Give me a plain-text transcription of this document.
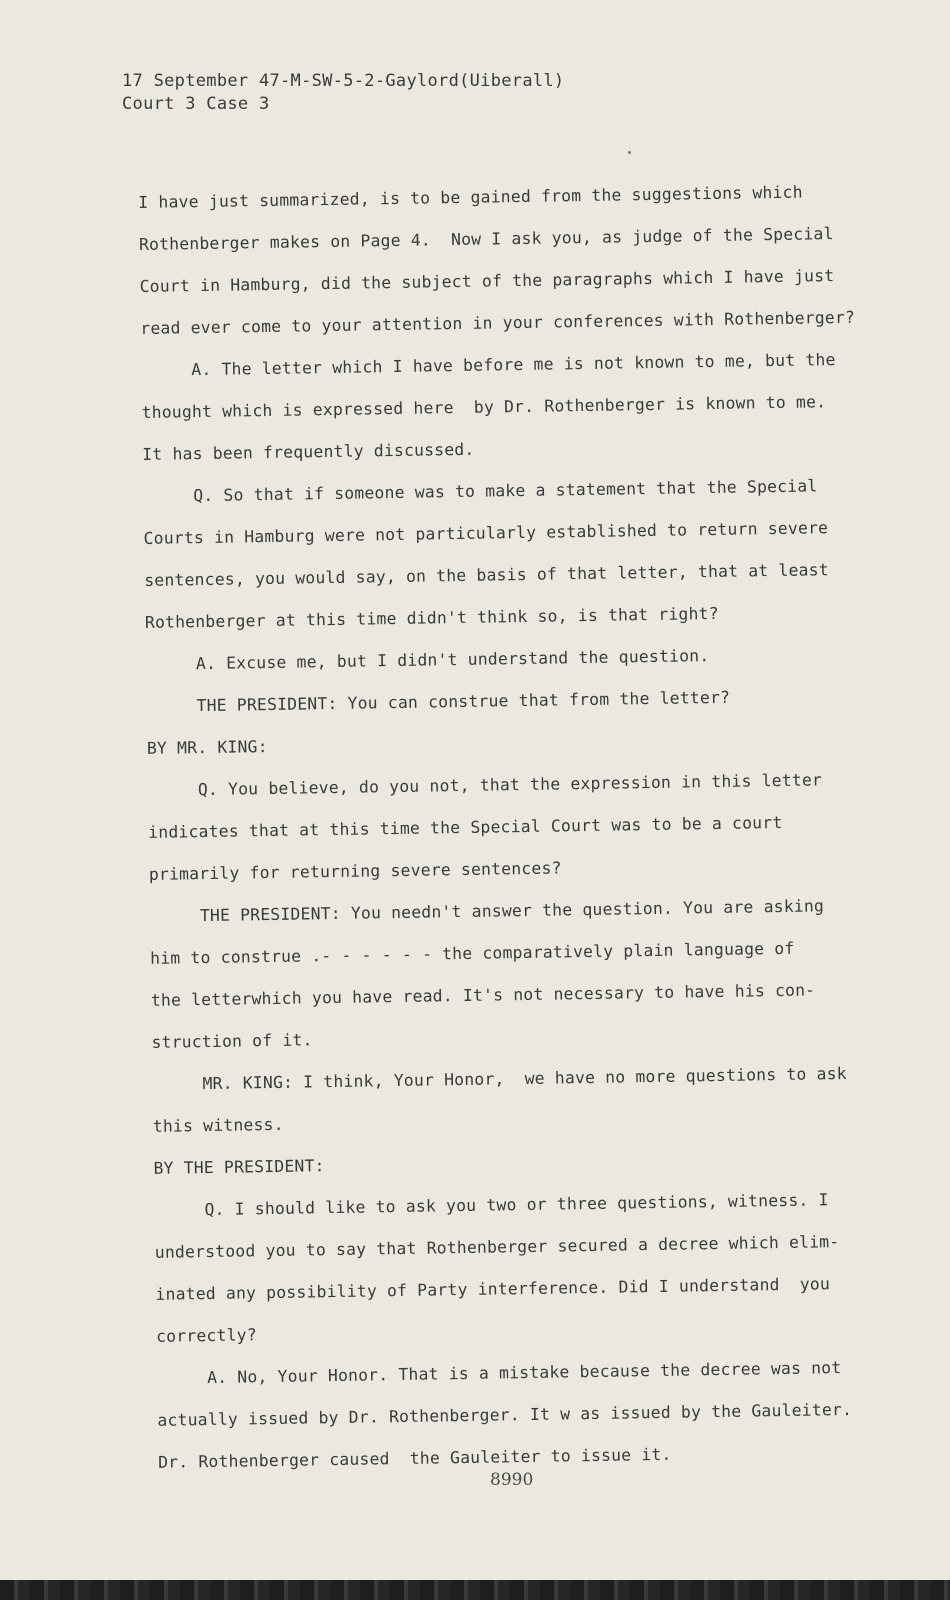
17 September 47-M-SW-5-2-Gaylord(Uiberall)
Court 3 Case 3
I have just summarized, is to be gained from the suggestions which
Rothenberger makes on Page 4.  Now I ask you, as judge of the Special
Court in Hamburg, did the subject of the paragraphs which I have just
read ever come to your attention in your conferences with Rothenberger?
A. The letter which I have before me is not known to me, but the
thought which is expressed here  by Dr. Rothenberger is known to me.
It has been frequently discussed.
Q. So that if someone was to make a statement that the Special
Courts in Hamburg were not particularly established to return severe
sentences, you would say, on the basis of that letter, that at least
Rothenberger at this time didn't think so, is that right?
A. Excuse me, but I didn't understand the question.
THE PRESIDENT: You can construe that from the letter?
BY MR. KING:
Q. You believe, do you not, that the expression in this letter
indicates that at this time the Special Court was to be a court
primarily for returning severe sentences?
THE PRESIDENT: You needn't answer the question. You are asking
him to construe .- - - - - - the comparatively plain language of
the letterwhich you have read. It's not necessary to have his con-
struction of it.
MR. KING: I think, Your Honor,  we have no more questions to ask
this witness.
BY THE PRESIDENT:
Q. I should like to ask you two or three questions, witness. I
understood you to say that Rothenberger secured a decree which elim-
inated any possibility of Party interference. Did I understand  you
correctly?
A. No, Your Honor. That is a mistake because the decree was not
actually issued by Dr. Rothenberger. It w as issued by the Gauleiter.
Dr. Rothenberger caused  the Gauleiter to issue it.
8990
